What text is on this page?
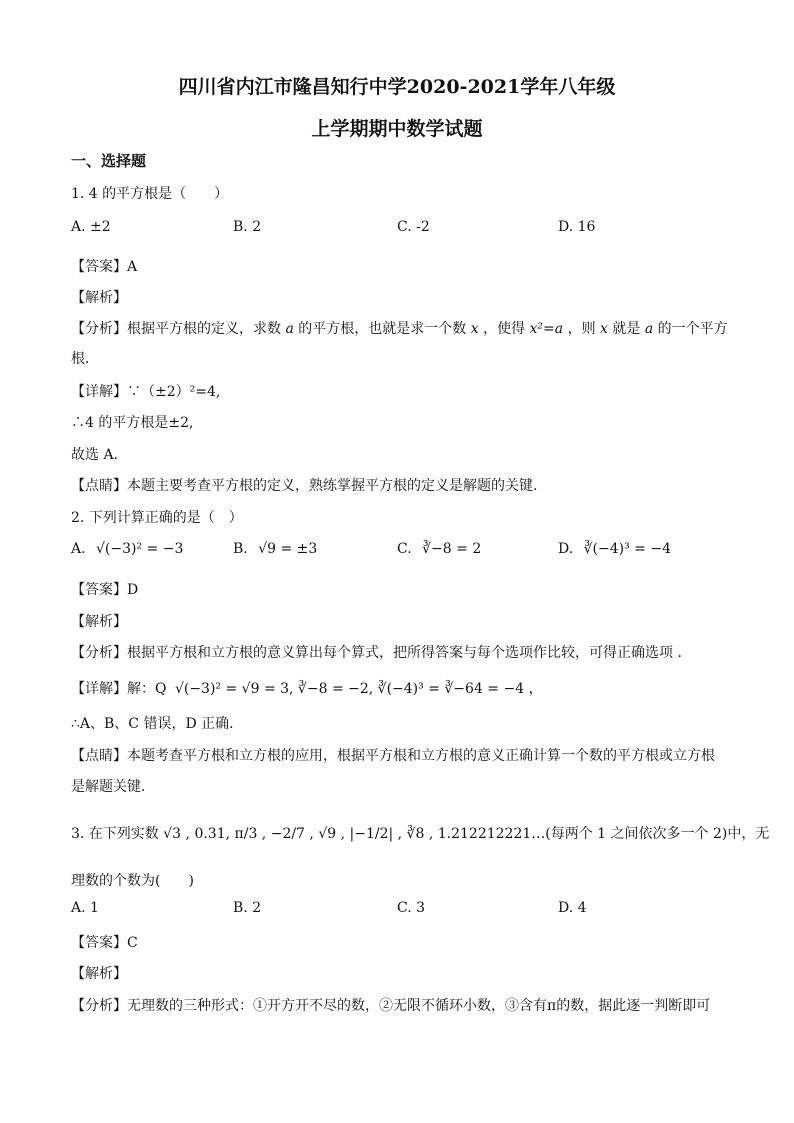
四川省内江市隆昌知行中学2020-2021学年八年级
上学期期中数学试题
一、选择题
1. 4 的平方根是（　　）
A. ±2	B. 2	C. -2	D. 16
【答案】A
【解析】
【分析】根据平方根的定义，求数 a 的平方根，也就是求一个数 x ，使得 x²=a ，则 x 就是 a 的一个平方
根．
【详解】∵（±2）²=4,
∴4 的平方根是±2,
故选 A.
【点睛】本题主要考查平方根的定义，熟练掌握平方根的定义是解题的关键.
2. 下列计算正确的是（　）
A. √(−3)² = −3	B. √9 = ±3	C. ∛−8 = 2	D. ∛(−4)³ = −4
【答案】D
【解析】
【分析】根据平方根和立方根的意义算出每个算式，把所得答案与每个选项作比较，可得正确选项 ．
【详解】解：Q √(−3)² = √9 = 3, ∛−8 = −2, ∛(−4)³ = ∛−64 = −4 ，
∴A、B、C 错误，D 正确．
【点睛】本题考查平方根和立方根的应用，根据平方根和立方根的意义正确计算一个数的平方根或立方根
是解题关键．
3. 在下列实数 √3 , 0.31, π/3 , −2/7 , √9 , |−1/2| , ∛8 , 1.212212221…(每两个 1 之间依次多一个 2)中，无
理数的个数为(　　)
A. 1	B. 2	C. 3	D. 4
【答案】C
【解析】
【分析】无理数的三种形式：①开方开不尽的数，②无限不循环小数，③含有π的数，据此逐一判断即可
